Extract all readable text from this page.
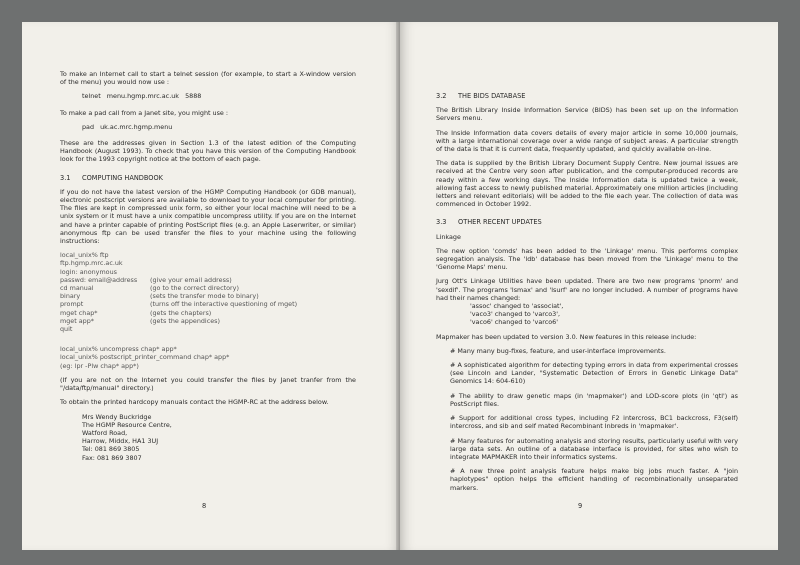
To make an Internet call to start a telnet session (for example, to start a X-window version of the menu) you would now use :

telnet   menu.hgmp.mrc.ac.uk   5888

To make a pad call from a Janet site, you might use :

pad   uk.ac.mrc.hgmp.menu

These are the addresses given in Section 1.3 of the latest edition of the Computing Handbook (August 1993). To check that you have this version of the Computing Handbook look for the 1993 copyright notice at the bottom of each page.

3.1 COMPUTING HANDBOOK

If you do not have the latest version of the HGMP Computing Handbook (or GDB manual), electronic postscript versions are available to download to your local computer for printing. The files are kept in compressed unix form, so either your local machine will need to be a unix system or it must have a unix compatible uncompress utility. If you are on the Internet and have a printer capable of printing PostScript files (e.g. an Apple Laserwriter, or similar) anonymous ftp can be used transfer the files to your machine using the following instructions:

local_unix% ftp ftp.hgmp.mrc.ac.uk
login: anonymous
passwd: email@address	(give your email address)
cd manual	(go to the correct directory)
binary	(sets the transfer mode to binary)
prompt	(turns off the interactive questioning of mget)
mget chap*	(gets the chapters)
mget app*	(gets the appendices)
quit
local_unix% uncompress chap* app*
local_unix% postscript_printer_command chap* app*
(eg: lpr -Plw chap* app*)

(If you are not on the Internet you could transfer the files by Janet tranfer from the "/data/ftp/manual" directory.)

To obtain the printed hardcopy manuals contact the HGMP-RC at the address below.

Mrs Wendy Buckridge
The HGMP Resource Centre,
Watford Road,
Harrow, Middx, HA1 3UJ
Tel: 081 869 3805
Fax: 081 869 3807
8
3.2 THE BIDS DATABASE

The British Library Inside Information Service (BIDS) has been set up on the Information Servers menu.

The Inside Information data covers details of every major article in some 10,000 journals, with a large international coverage over a wide range of subject areas. A particular strength of the data is that it is current data, frequently updated, and quickly available on-line.

The data is supplied by the British Library Document Supply Centre. New journal issues are received at the Centre very soon after publication, and the computer-produced records are ready within a few working days. The Inside Information data is updated twice a week, allowing fast access to newly published material. Approximately one million articles (including letters and relevant editorials) will be added to the file each year. The collection of data was commenced in October 1992.

3.3 OTHER RECENT UPDATES

Linkage

The new option 'comds' has been added to the 'Linkage' menu. This performs complex segregation analysis. The 'ldb' database has been moved from the 'Linkage' menu to the 'Genome Maps' menu.

Jurg Ott's Linkage Utilities have been updated. There are two new programs 'pnorm' and 'sexdif'. The programs 'lsmax' and 'lsurf' are no longer included. A number of programs have had their names changed:

'assoc' changed to 'associat',
'vaco3' changed to 'varco3',
'vaco6' changed to 'varco6'

Mapmaker has been updated to version 3.0. New features in this release include:

# Many many bug-fixes, feature, and user-interface improvements.

# A sophisticated algorithm for detecting typing errors in data from experimental crosses (see Lincoln and Lander, "Systematic Detection of Errors in Genetic Linkage Data" Genomics 14: 604-610)

# The ability to draw genetic maps (in 'mapmaker') and LOD-score plots (in 'qtl') as PostScript files.

# Support for additional cross types, including F2 intercross, BC1 backcross, F3(self) intercross, and sib and self mated Recombinant Inbreds in 'mapmaker'.

# Many features for automating analysis and storing results, particularly useful with very large data sets. An outline of a database interface is provided, for sites who wish to integrate MAPMAKER into their informatics systems.

# A new three point analysis feature helps make big jobs much faster. A "join haplotypes" option helps the efficient handling of recombinationally unseparated markers.

9
